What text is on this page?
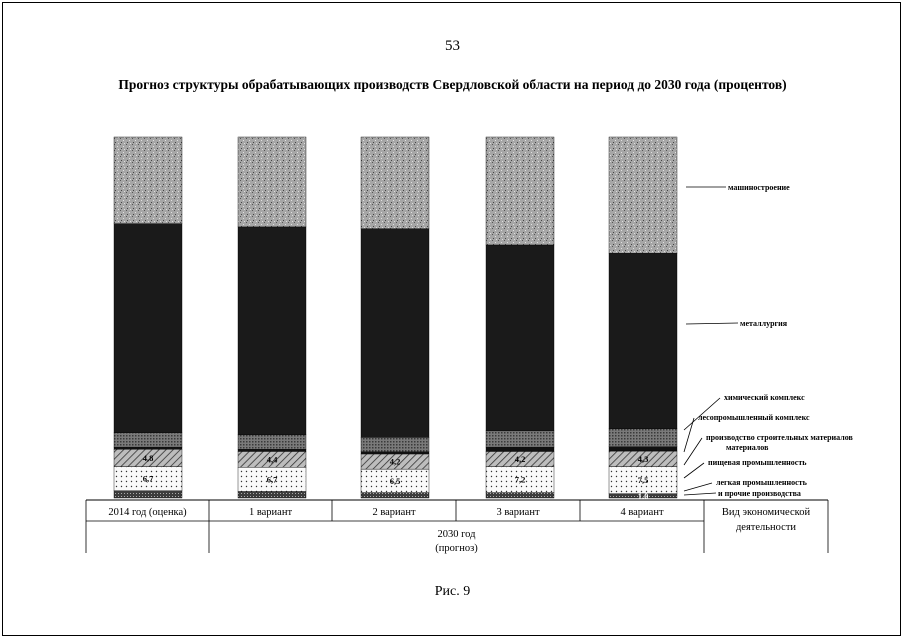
53
Прогноз структуры обрабатывающих производств Свердловской области на период до 2030 года (процентов)
6,7
4,8
6,7
4,4
6,5
4,2
7,2
4,2
1,0
7,5
4,3
2014 год (оценка)	1 вариант	2 вариант	3 вариант	4 вариант
2030 год
(прогноз)
Вид экономической
деятельности
машиностроение
металлургия
химический комплекс
лесопромышленный комплекс
производство строительных материалов
материалов
пищевая промышленность
легкая промышленность
и прочие производства
Рис. 9
